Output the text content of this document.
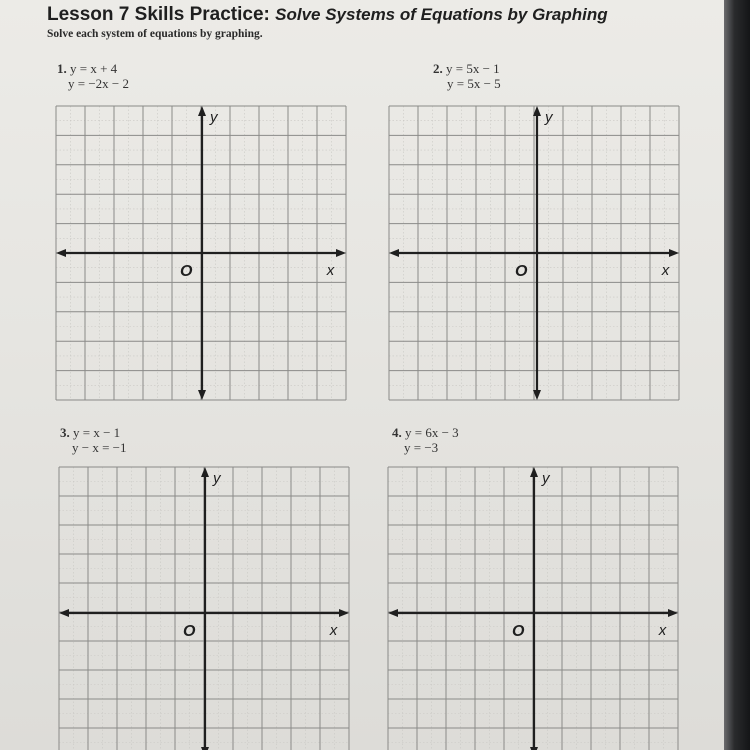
Lesson 7 Skills Practice: Solve Systems of Equations by Graphing
Solve each system of equations by graphing.
1. y = x + 4
y = −2x − 2
2. y = 5x − 1
y = 5x − 5
3. y = x − 1
y − x = −1
4. y = 6x − 3
y = −3
y
x
O
y
x
O
y
x
O
y
x
O
